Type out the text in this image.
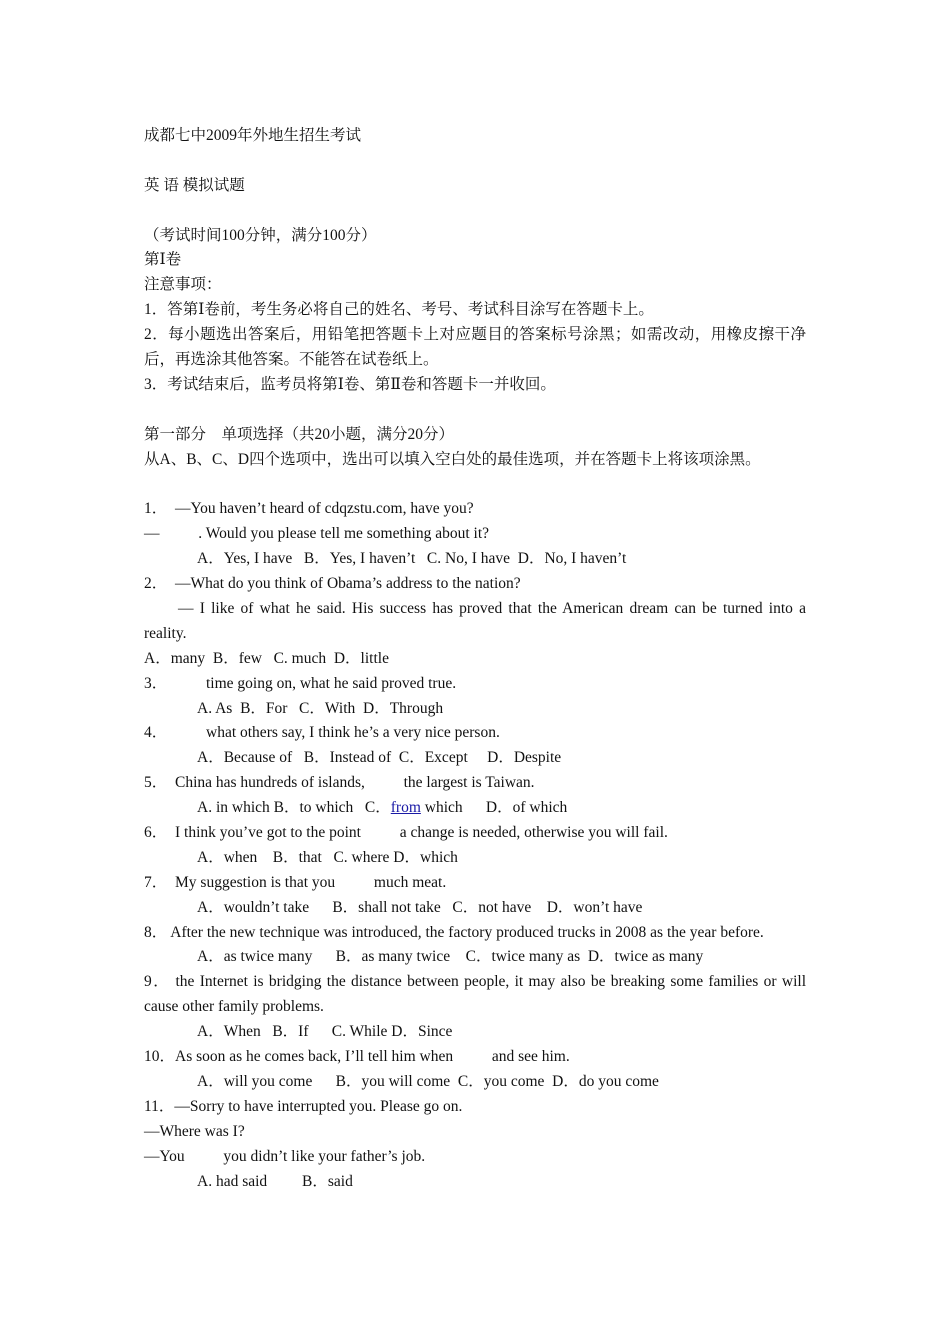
成都七中2009年外地生招生考试
英 语 模拟试题
（考试时间100分钟，满分100分）
第Ⅰ卷
注意事项：
1．答第Ⅰ卷前，考生务必将自己的姓名、考号、考试科目涂写在答题卡上。
2．每小题选出答案后，用铅笔把答题卡上对应题目的答案标号涂黑；如需改动，用橡皮擦干净后，再选涂其他答案。不能答在试卷纸上。
3．考试结束后，监考员将第Ⅰ卷、第Ⅱ卷和答题卡一并收回。
第一部分　单项选择（共20小题，满分20分）
从A、B、C、D四个选项中，选出可以填入空白处的最佳选项，并在答题卡上将该项涂黑。
1．  —You haven’t heard of cdqzstu.com, have you?
—          . Would you please tell me something about it?
A．Yes, I have   B．Yes, I haven’t   C. No, I have  D．No, I haven’t
2．  —What do you think of Obama’s address to the nation?
— I like of what he said. His success has proved that the American dream can be turned into a reality.
A．many  B．few   C. much  D．little
3．          time going on, what he said proved true.
A. As  B．For   C．With  D．Through
4．          what others say, I think he’s a very nice person.
A．Because of   B．Instead of  C．Except     D．Despite
5．  China has hundreds of islands,          the largest is Taiwan.
A. in which B．to which   C．from which      D．of which
6．  I think you’ve got to the point          a change is needed, otherwise you will fail.
A．when    B．that   C. where D．which
7．  My suggestion is that you          much meat.
A．wouldn’t take      B．shall not take   C．not have    D．won’t have
8． After the new technique was introduced, the factory produced trucks in 2008 as the year before.
A．as twice many      B．as many twice    C．twice many as  D．twice as many
9． the Internet is bridging the distance between people, it may also be breaking some families or will cause other family problems.
A．When   B．If      C. While D．Since
10．As soon as he comes back, I’ll tell him when          and see him.
A．will you come      B．you will come  C．you come  D．do you come
11．—Sorry to have interrupted you. Please go on.
—Where was I?
—You          you didn’t like your father’s job.
A. had said         B．said
